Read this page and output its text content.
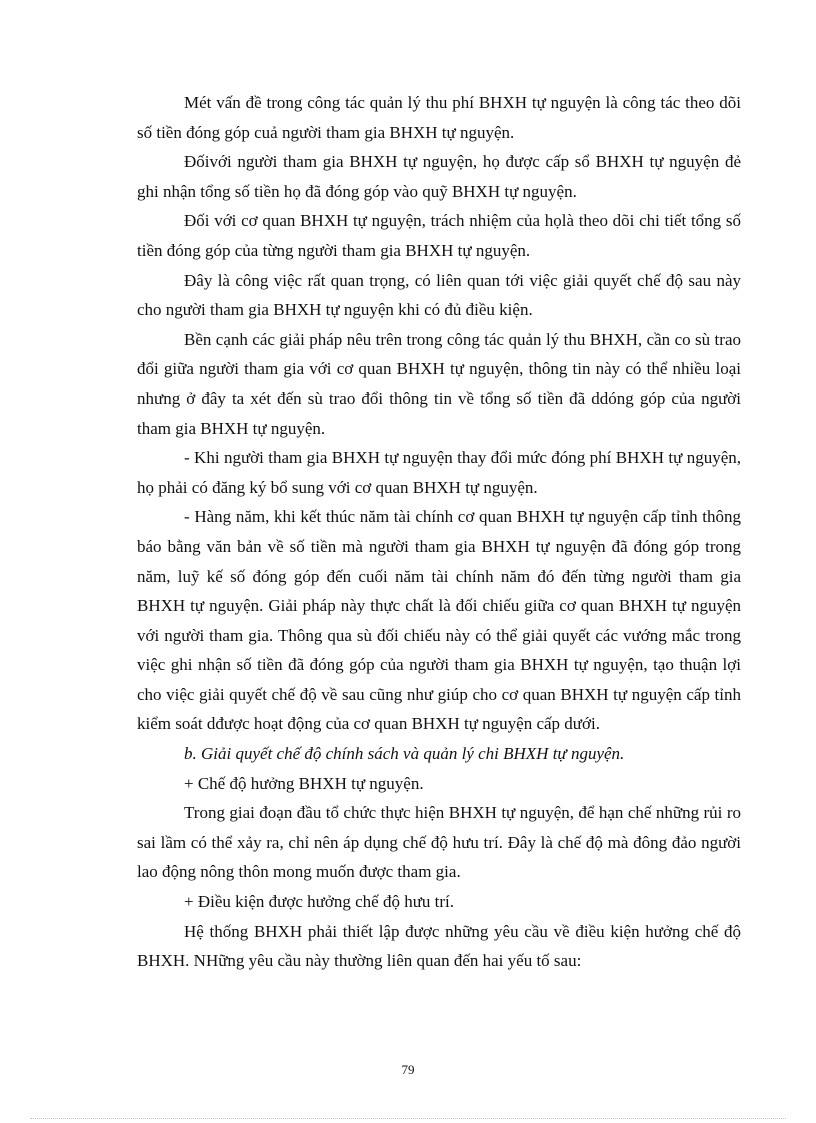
Mét vấn đề trong công tác quản lý thu phí BHXH tự nguyện là công tác theo dõi số tiền đóng góp cuả người tham gia BHXH tự nguyện.

Đốivới người tham gia BHXH tự nguyện, họ được cấp sổ BHXH tự nguyện đẻ ghi nhận tổng số tiền họ đã đóng góp vào quỹ BHXH tự nguyện.

Đối với cơ quan BHXH tự nguyện, trách nhiệm của họlà theo dõi chi tiết tổng số tiền đóng góp của từng người tham gia BHXH tự nguyện.

Đây là công việc rất quan trọng, có liên quan tới việc giải quyết chế độ sau này cho người tham gia BHXH tự nguyện khi có đủ điều kiện.

Bền cạnh các giải pháp nêu trên trong công tác quản lý thu BHXH, cần co sù trao đổi giữa người tham gia với cơ quan BHXH tự nguyện, thông tin này có thể nhiều loại nhưng ở đây ta xét đến sù trao đổi thông tin về tổng số tiền đã ddóng góp của người tham gia BHXH tự nguyện.

- Khi người tham gia BHXH tự nguyện thay đổi mức đóng phí BHXH tự nguyện, họ phải có đăng ký bổ sung với cơ quan BHXH tự nguyện.

- Hàng năm, khi kết thúc năm tài chính cơ quan BHXH tự nguyện cấp tỉnh thông báo bằng văn bản về số tiền mà người tham gia BHXH tự nguyện đã đóng góp trong năm, luỹ kế số đóng góp đến cuối năm tài chính năm đó đến từng người tham gia BHXH tự nguyện. Giải pháp này thực chất là đối chiếu giữa cơ quan BHXH tự nguyện với người tham gia. Thông qua sù đối chiếu này có thể giải quyết các vướng mắc trong việc ghi nhận số tiền đã đóng góp của người tham gia BHXH tự nguyện, tạo thuận lợi cho việc giải quyết chế độ về sau cũng như giúp cho cơ quan BHXH tự nguyện cấp tỉnh kiểm soát dđược hoạt động của cơ quan BHXH tự nguyện cấp dưới.

b. Giải quyết chế độ chính sách và quản lý chi BHXH tự nguyện.

+ Chế độ hưởng BHXH tự nguyện.

Trong giai đoạn đầu tổ chức thực hiện BHXH tự nguyện, để hạn chế những rủi ro sai lầm có thể xảy ra, chỉ nên áp dụng chế độ hưu trí. Đây là chế độ mà đông đảo người lao động nông thôn mong muốn được tham gia.

+ Điều kiện được hưởng chế độ hưu trí.

Hệ thống BHXH phải thiết lập được những yêu cầu về điều kiện hưởng chế độ BHXH. NHững yêu cầu này thường liên quan đến hai yếu tố sau:

79
